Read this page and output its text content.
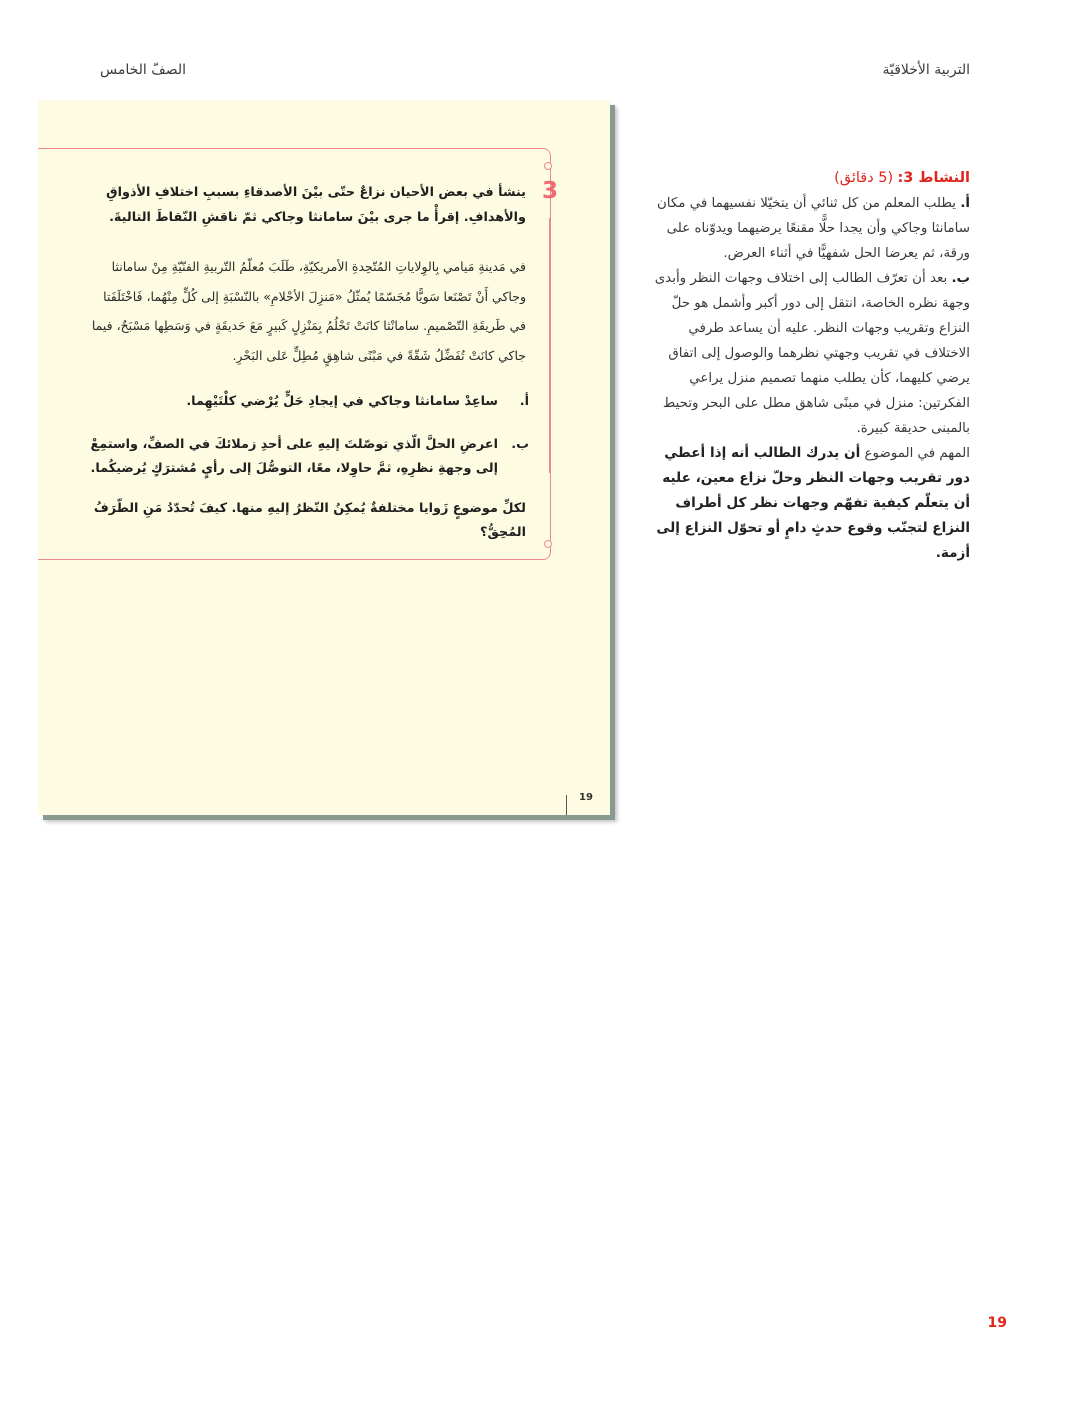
التربية الأخلاقيّة
الصفّ الخامس
3
ينشأ في بعض الأحيان نزاعٌ حتّى بيْنَ الأصدقاءِ بسببِ اختلافِ الأذواقِ والأهدافِ. إقرأْ ما جرى بيْنَ سامانثا وجاكي ثمّ ناقشِ النّقاطَ التاليةَ.
في مَدينةِ مَيامي بِالوِلاياتِ المُتّحِدةِ الأمريكيّةِ، طَلَبَ مُعلّمُ التّربيةِ الفنّيّةِ مِنْ سامانثا وجاكي أَنْ تَصْنَعا سَويًّا مُجَسّمًا يُمثّلُ «مَنزِلَ الأحْلامِ» بالنّسْبَةِ إلى كُلٍّ مِنْهُما، فَاخْتَلَفَتا في طَريقَةِ التّصْميمِ. سامانْثا كانَتْ تَحْلُمُ بِمَنْزِلٍ كَبيرٍ مَعَ حَديقَةٍ في وَسَطِها مَسْبَحٌ، فيما جاكي كانَتْ تُفَضِّلُ شَقّةً في مَبْنًى شاهِقٍ مُطِلٍّ عَلى البَحْرِ.
أ.
ساعِدْ سامانثا وجاكي في إيجادِ حَلٍّ يُرْضي كلْتَيْهِما.
ب.
اعرضِ الحلَّ الّذي توصّلتَ إليهِ على أحدِ زملائكَ في الصفِّ، واستمِعْ إلى وجهةِ نظرِهِ، ثمَّ حاوِلا، معًا، التوصُّلَ إلى رأيٍ مُشترَكٍ يُرضيكُما.
لكلِّ موضوعٍ زَوايا مختلفةٌ يُمكِنُ النّظرُ إليهِ منها. كيفَ تُحدّدُ مَنِ الطّرَفُ المُحِقُّ؟
19
النشاط 3: (5 دقائق)
أ. يطلب المعلم من كل ثنائي أن يتخيّلا نفسيهما في مكان سامانثا وجاكي وأن يجدا حلًّا مقنعًا يرضيهما ويدوّناه على ورقة، ثم يعرضا الحل شفهيًّا في أثناء العرض.
ب. بعد أن تعرّف الطالب إلى اختلاف وجهات النظر وأبدى وجهة نظره الخاصة، انتقل إلى دور أكبر وأشمل هو حلّ النزاع وتقريب وجهات النظر. عليه أن يساعد طرفي الاختلاف في تقريب وجهتي نظرهما والوصول إلى اتفاق يرضي كليهما، كأن يطلب منهما تصميم منزل يراعي الفكرتين: منزل في مبنًى شاهق مطل على البحر وتحيط بالمبنى حديقة كبيرة.
المهم في الموضوع أن يدرك الطالب أنه إذا أعطي دور تقريب وجهات النظر وحلّ نزاع معين، عليه أن يتعلّم كيفية تفهّم وجهات نظر كل أطراف النزاع لتجنّب وقوع حدثٍ دامٍ أو تحوّل النزاع إلى أزمة.
19
